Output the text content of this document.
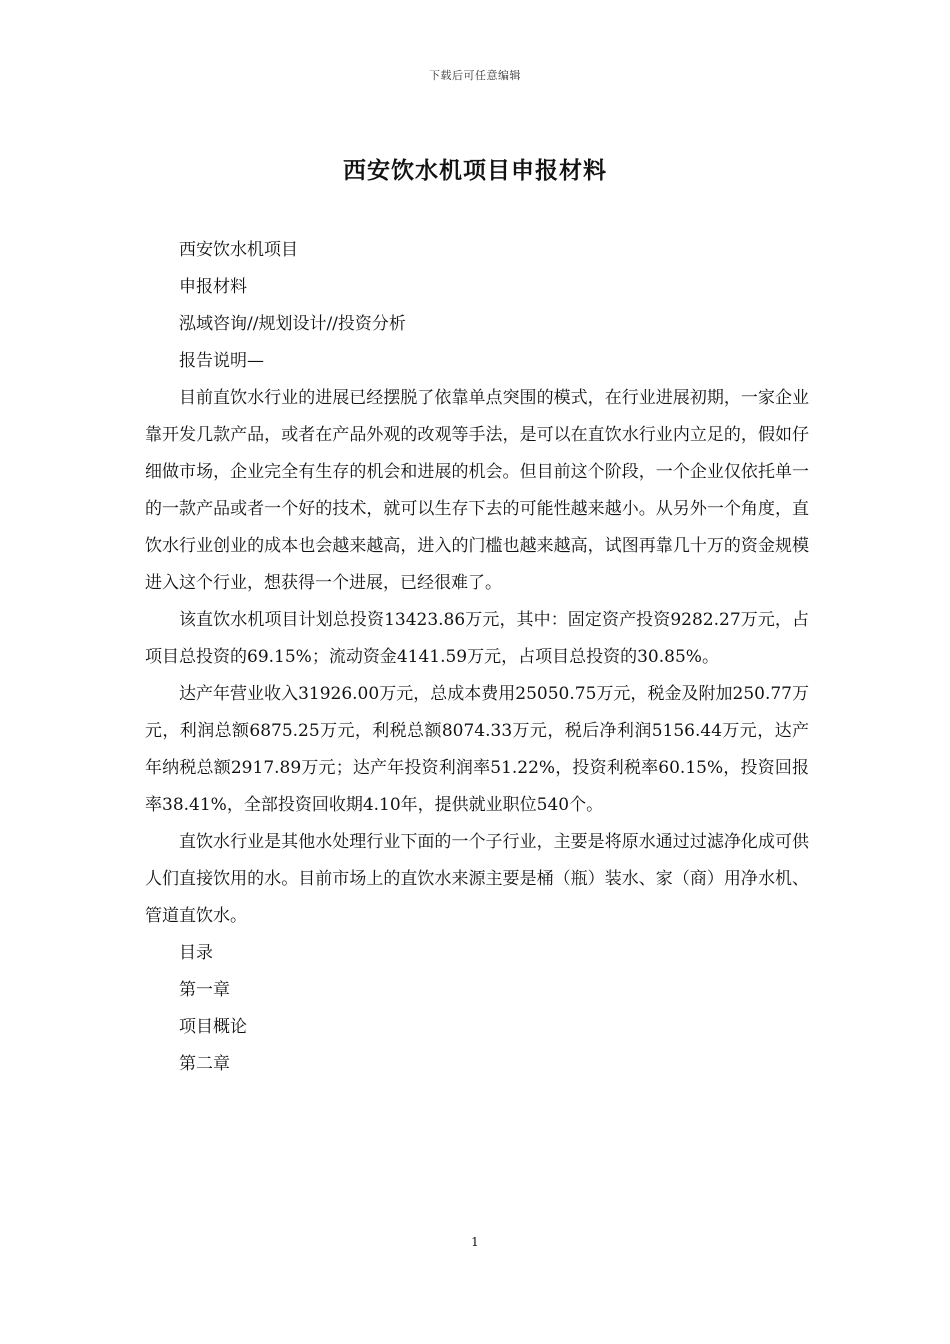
下载后可任意编辑
西安饮水机项目申报材料

西安饮水机项目

申报材料

泓域咨询//规划设计//投资分析

报告说明—

目前直饮水行业的进展已经摆脱了依靠单点突围的模式，在行业进展初期，一家企业靠开发几款产品，或者在产品外观的改观等手法，是可以在直饮水行业内立足的，假如仔细做市场，企业完全有生存的机会和进展的机会。但目前这个阶段，一个企业仅依托单一的一款产品或者一个好的技术，就可以生存下去的可能性越来越小。从另外一个角度，直饮水行业创业的成本也会越来越高，进入的门槛也越来越高，试图再靠几十万的资金规模进入这个行业，想获得一个进展，已经很难了。

该直饮水机项目计划总投资13423.86万元，其中：固定资产投资9282.27万元，占项目总投资的69.15%；流动资金4141.59万元，占项目总投资的30.85%。

达产年营业收入31926.00万元，总成本费用25050.75万元，税金及附加250.77万元，利润总额6875.25万元，利税总额8074.33万元，税后净利润5156.44万元，达产年纳税总额2917.89万元；达产年投资利润率51.22%，投资利税率60.15%，投资回报率38.41%，全部投资回收期4.10年，提供就业职位540个。

直饮水行业是其他水处理行业下面的一个子行业，主要是将原水通过过滤净化成可供人们直接饮用的水。目前市场上的直饮水来源主要是桶（瓶）装水、家（商）用净水机、管道直饮水。

目录

第一章

项目概论

第二章

1
